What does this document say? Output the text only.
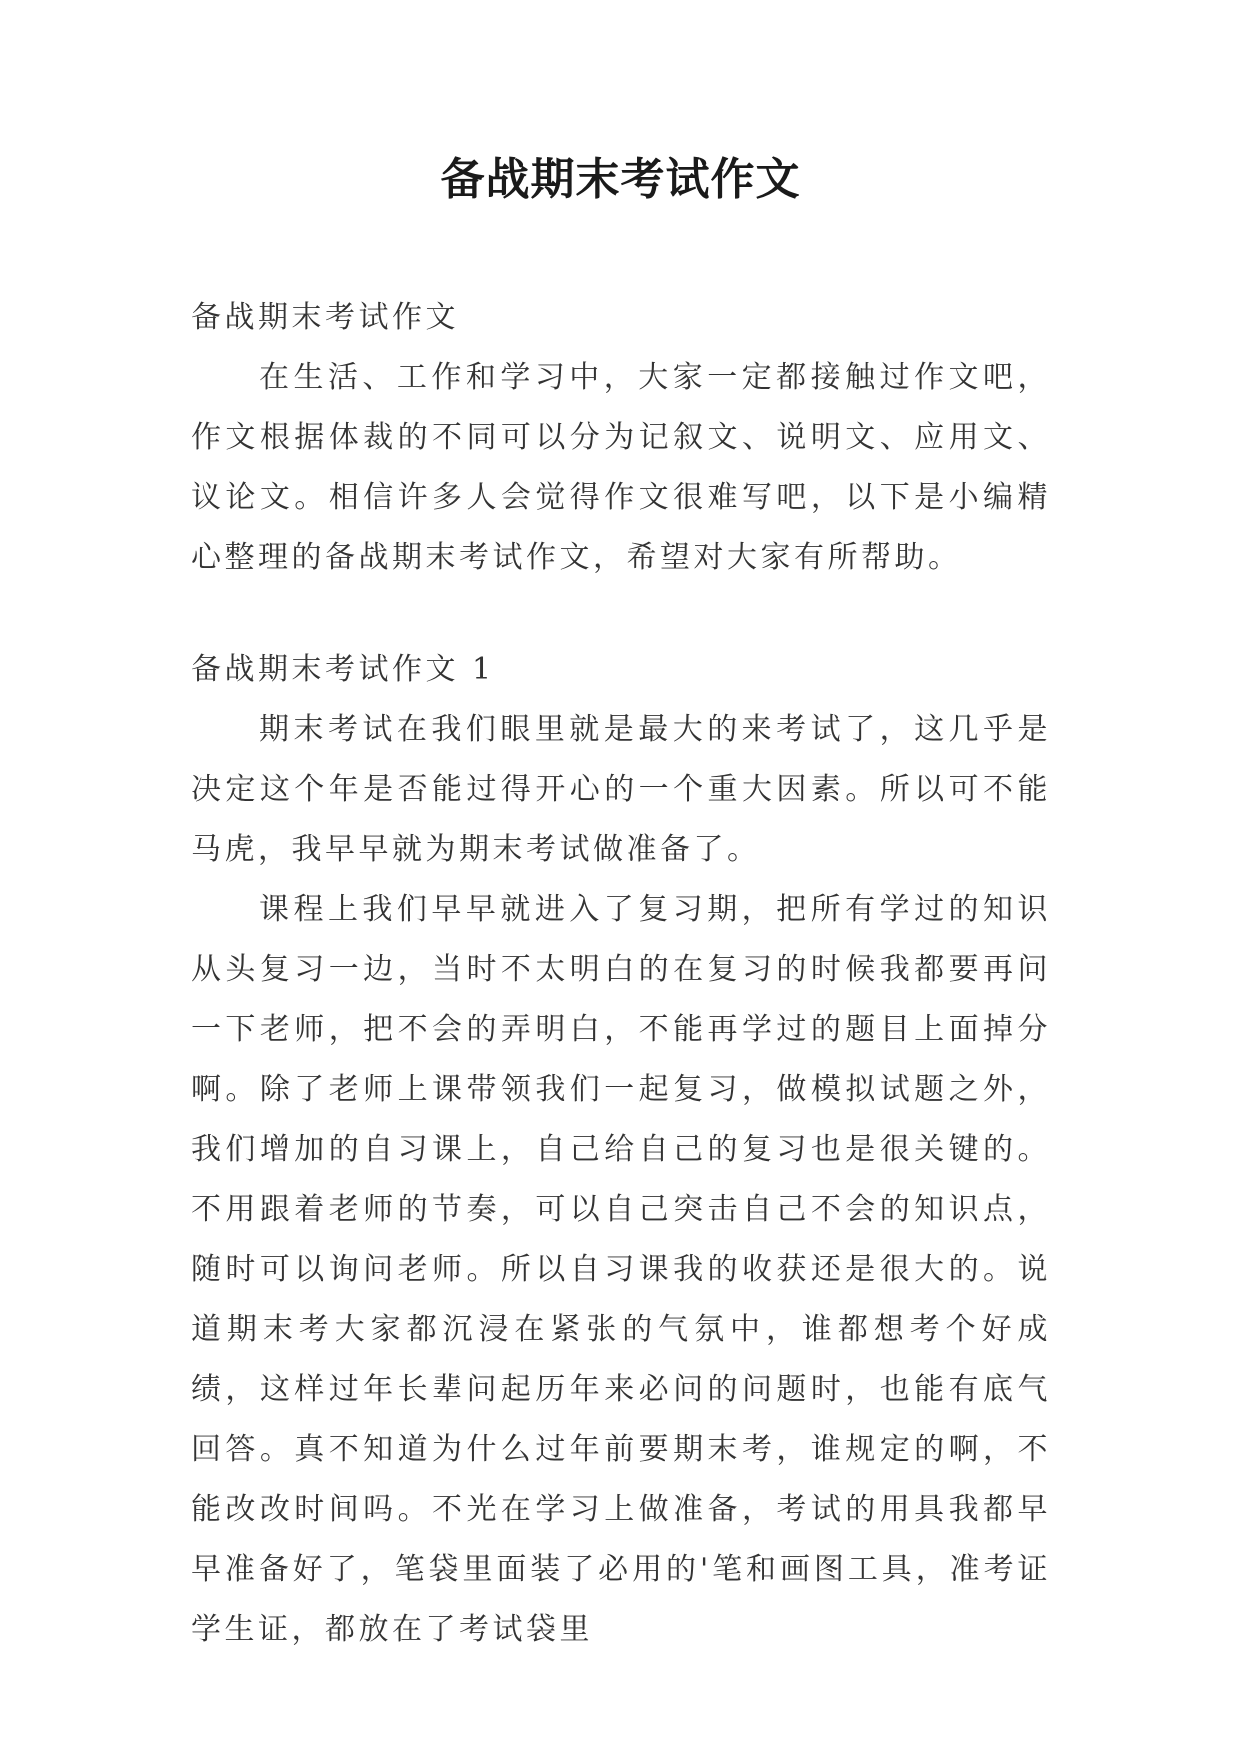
备战期末考试作文
备战期末考试作文
在生活、工作和学习中，大家一定都接触过作文吧，作文根据体裁的不同可以分为记叙文、说明文、应用文、议论文。相信许多人会觉得作文很难写吧，以下是小编精心整理的备战期末考试作文，希望对大家有所帮助。
备战期末考试作文 1
期末考试在我们眼里就是最大的来考试了，这几乎是决定这个年是否能过得开心的一个重大因素。所以可不能马虎，我早早就为期末考试做准备了。
课程上我们早早就进入了复习期，把所有学过的知识从头复习一边，当时不太明白的在复习的时候我都要再问一下老师，把不会的弄明白，不能再学过的题目上面掉分啊。除了老师上课带领我们一起复习，做模拟试题之外，我们增加的自习课上，自己给自己的复习也是很关键的。不用跟着老师的节奏，可以自己突击自己不会的知识点，随时可以询问老师。所以自习课我的收获还是很大的。说道期末考大家都沉浸在紧张的气氛中，谁都想考个好成绩，这样过年长辈问起历年来必问的问题时，也能有底气回答。真不知道为什么过年前要期末考，谁规定的啊，不能改改时间吗。不光在学习上做准备，考试的用具我都早早准备好了，笔袋里面装了必用的'笔和画图工具，准考证学生证，都放在了考试袋里
